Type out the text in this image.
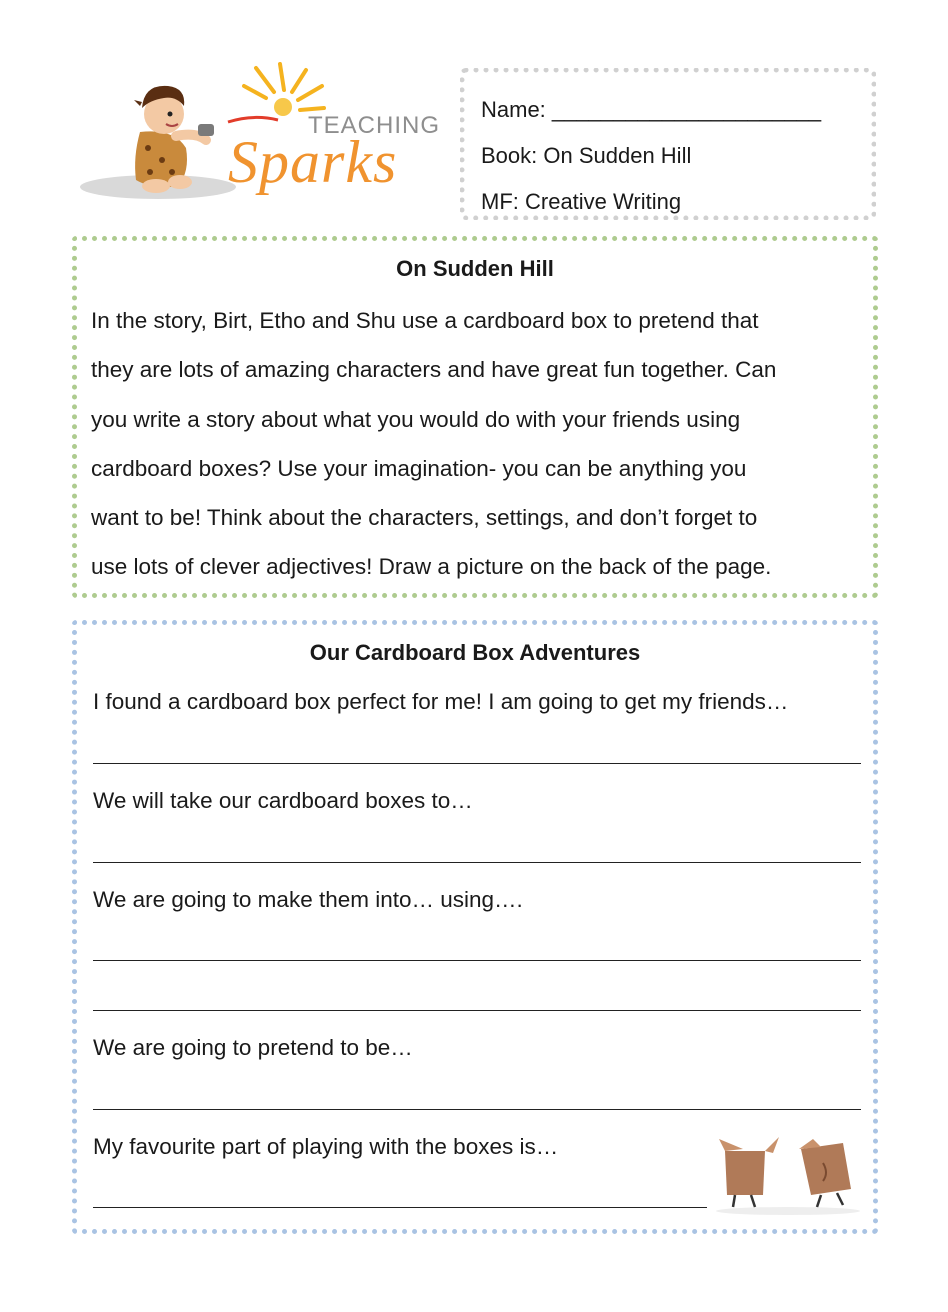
TEACHING
Sparks
Name: ______________________
Book: On Sudden Hill
MF: Creative Writing
On Sudden Hill
In the story, Birt, Etho and Shu use a cardboard box to pretend that
they are lots of amazing characters and have great fun together. Can
you write a story about what you would do with your friends using
cardboard boxes? Use your imagination- you can be anything you
want to be! Think about the characters, settings, and don’t forget to
use lots of clever adjectives! Draw a picture on the back of the page.
Our Cardboard Box Adventures
I found a cardboard box perfect for me! I am going to get my friends…
We will take our cardboard boxes to…
We are going to make them into… using….
We are going to pretend to be…
My favourite part of playing with the boxes is…
